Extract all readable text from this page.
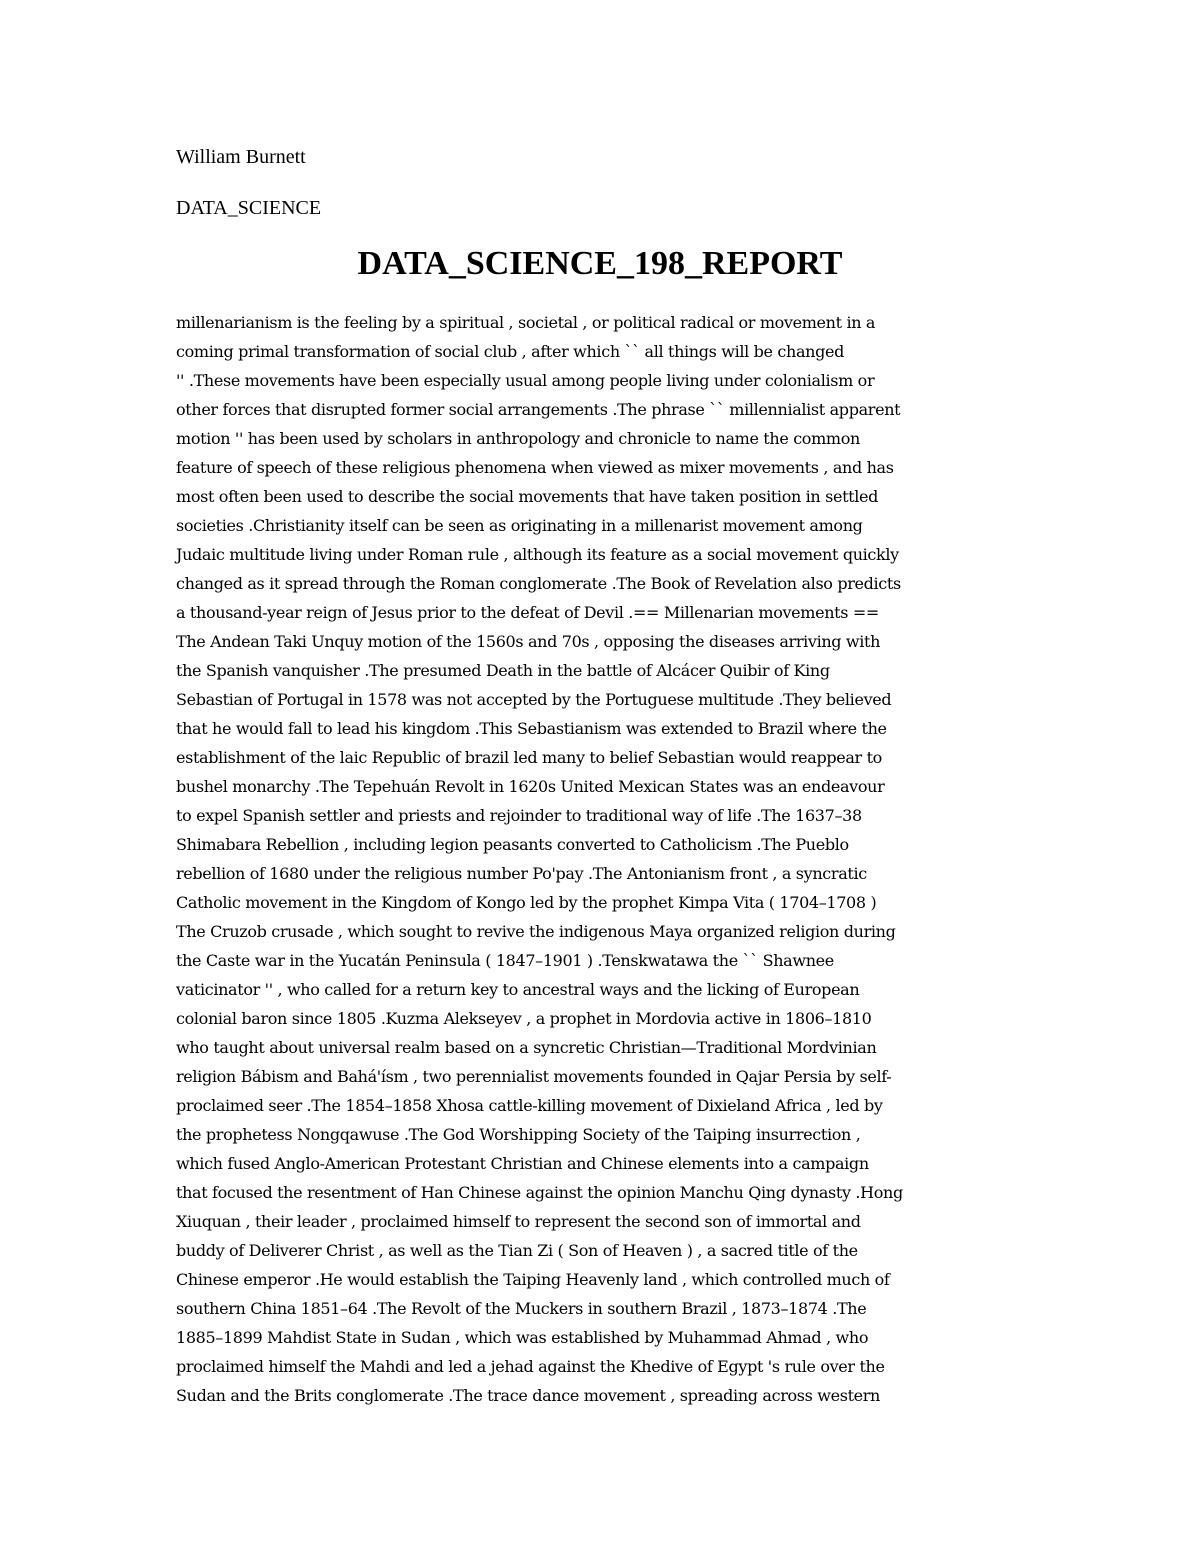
William Burnett

DATA_SCIENCE

DATA_SCIENCE_198_REPORT
millenarianism is the feeling by a spiritual , societal , or political radical or movement in a
coming primal transformation of social club , after which `` all things will be changed
'' .These movements have been especially usual among people living under colonialism or
other forces that disrupted former social arrangements .The phrase `` millennialist apparent
motion '' has been used by scholars in anthropology and chronicle to name the common
feature of speech of these religious phenomena when viewed as mixer movements , and has
most often been used to describe the social movements that have taken position in settled
societies .Christianity itself can be seen as originating in a millenarist movement among
Judaic multitude living under Roman rule , although its feature as a social movement quickly
changed as it spread through the Roman conglomerate .The Book of Revelation also predicts
a thousand-year reign of Jesus prior to the defeat of Devil .== Millenarian movements ==
The Andean Taki Unquy motion of the 1560s and 70s , opposing the diseases arriving with
the Spanish vanquisher .The presumed Death in the battle of Alcácer Quibir of King
Sebastian of Portugal in 1578 was not accepted by the Portuguese multitude .They believed
that he would fall to lead his kingdom .This Sebastianism was extended to Brazil where the
establishment of the laic Republic of brazil led many to belief Sebastian would reappear to
bushel monarchy .The Tepehuán Revolt in 1620s United Mexican States was an endeavour
to expel Spanish settler and priests and rejoinder to traditional way of life .The 1637–38
Shimabara Rebellion , including legion peasants converted to Catholicism .The Pueblo
rebellion of 1680 under the religious number Po'pay .The Antonianism front , a syncratic
Catholic movement in the Kingdom of Kongo led by the prophet Kimpa Vita ( 1704–1708 )
The Cruzob crusade , which sought to revive the indigenous Maya organized religion during
the Caste war in the Yucatán Peninsula ( 1847–1901 ) .Tenskwatawa the `` Shawnee
vaticinator '' , who called for a return key to ancestral ways and the licking of European
colonial baron since 1805 .Kuzma Alekseyev , a prophet in Mordovia active in 1806–1810
who taught about universal realm based on a syncretic Christian—Traditional Mordvinian
religion Bábism and Bahá'ísm , two perennialist movements founded in Qajar Persia by self-
proclaimed seer .The 1854–1858 Xhosa cattle-killing movement of Dixieland Africa , led by
the prophetess Nongqawuse .The God Worshipping Society of the Taiping insurrection ,
which fused Anglo-American Protestant Christian and Chinese elements into a campaign
that focused the resentment of Han Chinese against the opinion Manchu Qing dynasty .Hong
Xiuquan , their leader , proclaimed himself to represent the second son of immortal and
buddy of Deliverer Christ , as well as the Tian Zi ( Son of Heaven ) , a sacred title of the
Chinese emperor .He would establish the Taiping Heavenly land , which controlled much of
southern China 1851–64 .The Revolt of the Muckers in southern Brazil , 1873–1874 .The
1885–1899 Mahdist State in Sudan , which was established by Muhammad Ahmad , who
proclaimed himself the Mahdi and led a jehad against the Khedive of Egypt 's rule over the
Sudan and the Brits conglomerate .The trace dance movement , spreading across western
